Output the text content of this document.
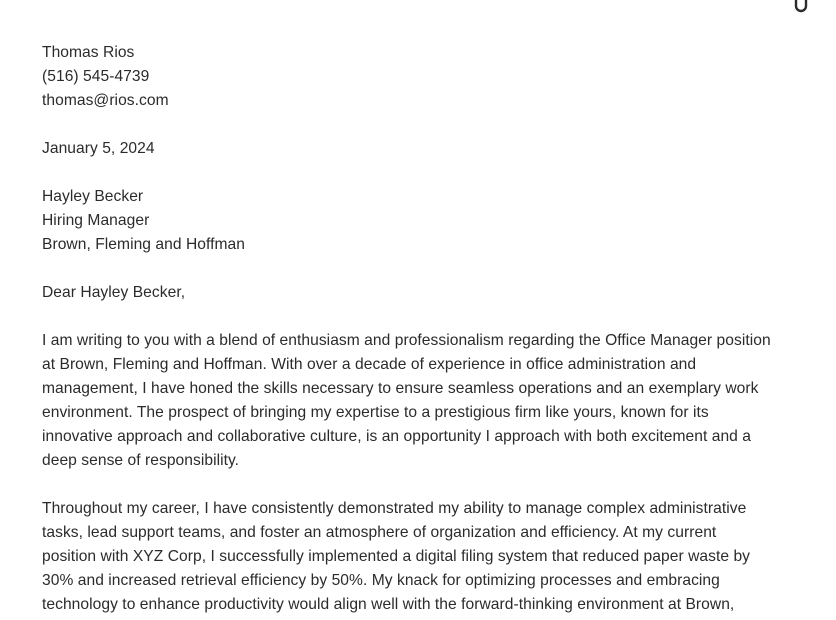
Thomas Rios
(516) 545-4739
thomas@rios.com
January 5, 2024
Hayley Becker
Hiring Manager
Brown, Fleming and Hoffman
Dear Hayley Becker,
I am writing to you with a blend of enthusiasm and professionalism regarding the Office Manager position
at Brown, Fleming and Hoffman. With over a decade of experience in office administration and
management, I have honed the skills necessary to ensure seamless operations and an exemplary work
environment. The prospect of bringing my expertise to a prestigious firm like yours, known for its
innovative approach and collaborative culture, is an opportunity I approach with both excitement and a
deep sense of responsibility.
Throughout my career, I have consistently demonstrated my ability to manage complex administrative
tasks, lead support teams, and foster an atmosphere of organization and efficiency. At my current
position with XYZ Corp, I successfully implemented a digital filing system that reduced paper waste by
30% and increased retrieval efficiency by 50%. My knack for optimizing processes and embracing
technology to enhance productivity would align well with the forward-thinking environment at Brown,
